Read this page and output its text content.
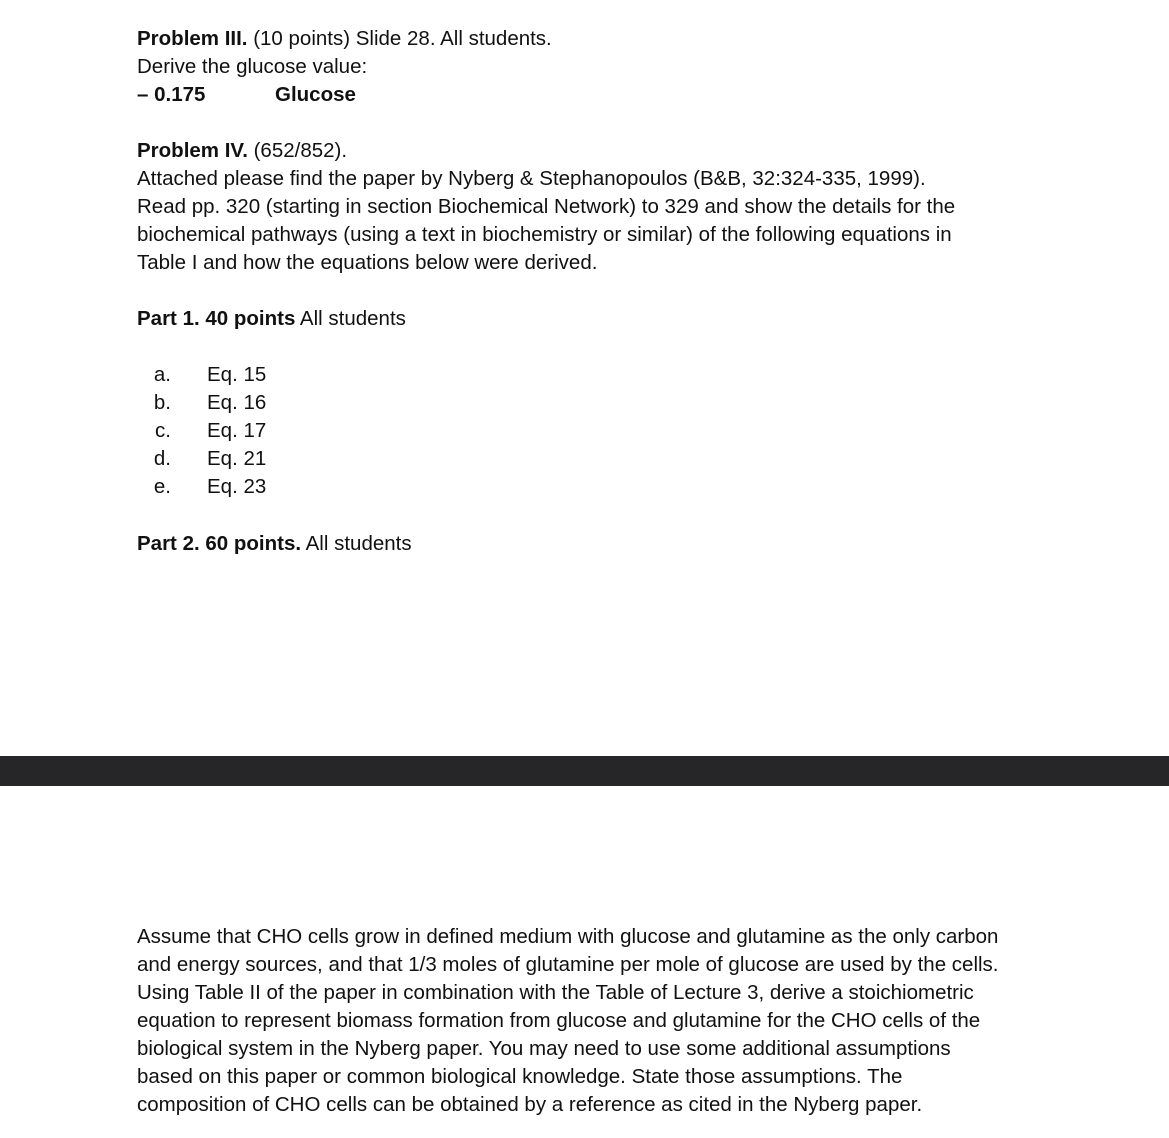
Problem III. (10 points) Slide 28. All students.
Derive the glucose value:
– 0.175	Glucose
Problem IV. (652/852).
Attached please find the paper by Nyberg & Stephanopoulos (B&B, 32:324-335, 1999).
Read pp. 320 (starting in section Biochemical Network) to 329 and show the details for the
biochemical pathways (using a text in biochemistry or similar) of the following equations in
Table I and how the equations below were derived.
Part 1. 40 points All students
a. Eq. 15
b. Eq. 16
c. Eq. 17
d. Eq. 21
e. Eq. 23
Part 2. 60 points. All students
Assume that CHO cells grow in defined medium with glucose and glutamine as the only carbon
and energy sources, and that 1/3 moles of glutamine per mole of glucose are used by the cells.
Using Table II of the paper in combination with the Table of Lecture 3, derive a stoichiometric
equation to represent biomass formation from glucose and glutamine for the CHO cells of the
biological system in the Nyberg paper. You may need to use some additional assumptions
based on this paper or common biological knowledge. State those assumptions. The
composition of CHO cells can be obtained by a reference as cited in the Nyberg paper.
